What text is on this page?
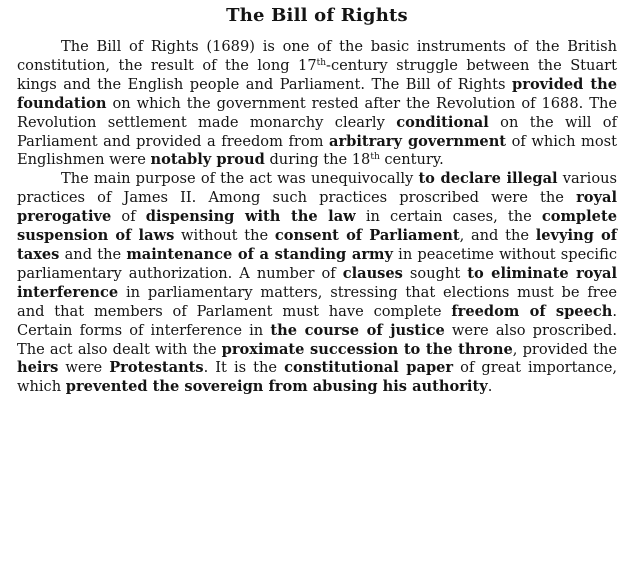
The Bill of Rights

The Bill of Rights (1689) is one of the basic instruments of the British constitution, the result of the long 17th-century struggle between the Stuart kings and the English people and Parliament. The Bill of Rights provided the foundation on which the government rested after the Revolution of 1688. The Revolution settlement made monarchy clearly conditional on the will of Parliament and provided a freedom from arbitrary government of which most Englishmen were notably proud during the 18th century.

The main purpose of the act was unequivocally to declare illegal various practices of James II. Among such practices proscribed were the royal prerogative of dispensing with the law in certain cases, the complete suspension of laws without the consent of Parliament, and the levying of taxes and the maintenance of a standing army in peacetime without specific parliamentary authorization. A number of clauses sought to eliminate royal interference in parliamentary matters, stressing that elections must be free and that members of Parlament must have complete freedom of speech. Certain forms of interference in the course of justice were also proscribed. The act also dealt with the proximate succession to the throne, provided the heirs were Protestants. It is the constitutional paper of great importance, which prevented the sovereign from abusing his authority.
